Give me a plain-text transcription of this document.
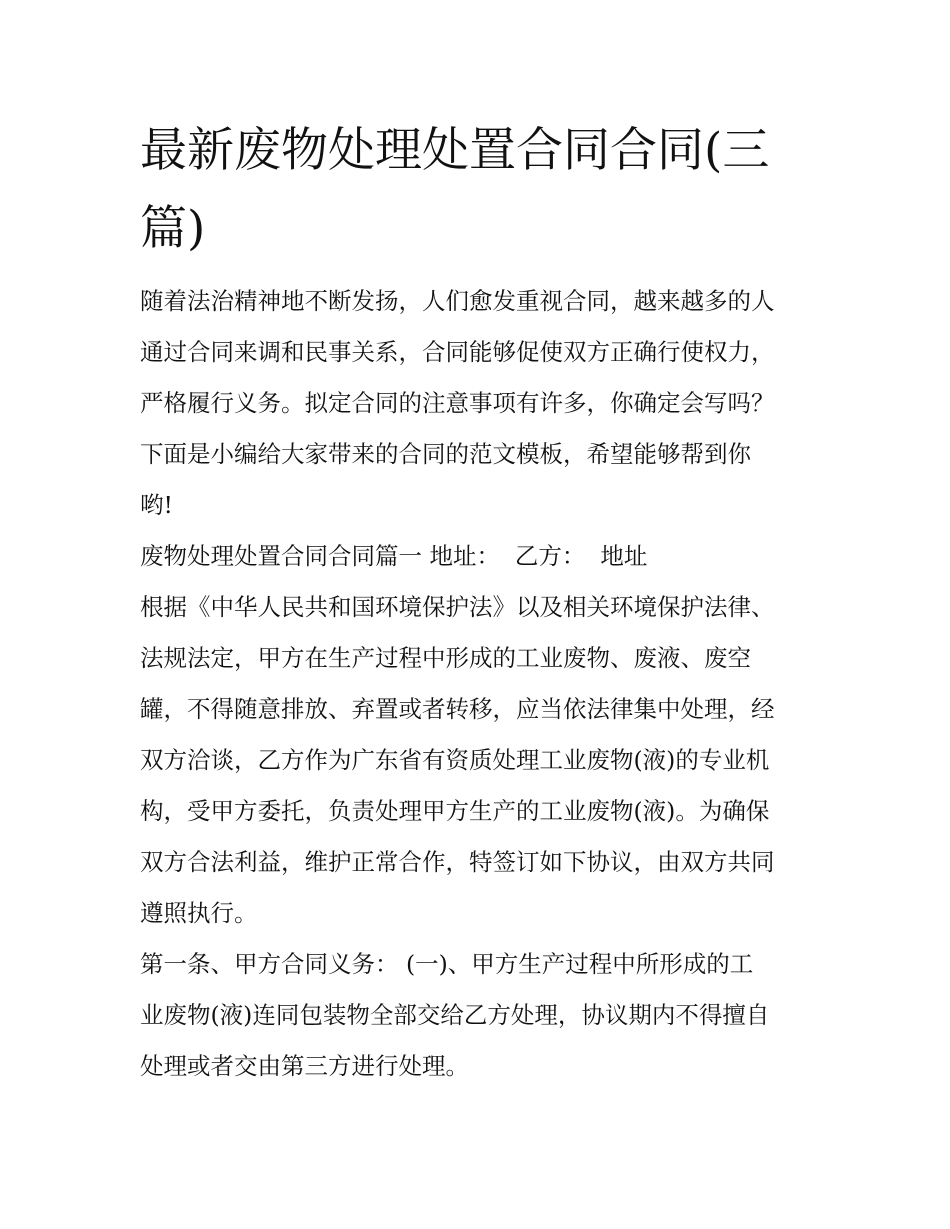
最新废物处理处置合同合同(三
篇)
随着法治精神地不断发扬，人们愈发重视合同，越来越多的人
通过合同来调和民事关系，合同能够促使双方正确行使权力，
严格履行义务。拟定合同的注意事项有许多，你确定会写吗？
下面是小编给大家带来的合同的范文模板，希望能够帮到你
哟!
废物处理处置合同合同篇一 地址：  乙方：  地址
根据《中华人民共和国环境保护法》以及相关环境保护法律、
法规法定，甲方在生产过程中形成的工业废物、废液、废空
罐，不得随意排放、弃置或者转移，应当依法律集中处理，经
双方洽谈，乙方作为广东省有资质处理工业废物(液)的专业机
构，受甲方委托，负责处理甲方生产的工业废物(液)。为确保
双方合法利益，维护正常合作，特签订如下协议，由双方共同
遵照执行。
第一条、甲方合同义务： (一)、甲方生产过程中所形成的工
业废物(液)连同包装物全部交给乙方处理，协议期内不得擅自
处理或者交由第三方进行处理。
